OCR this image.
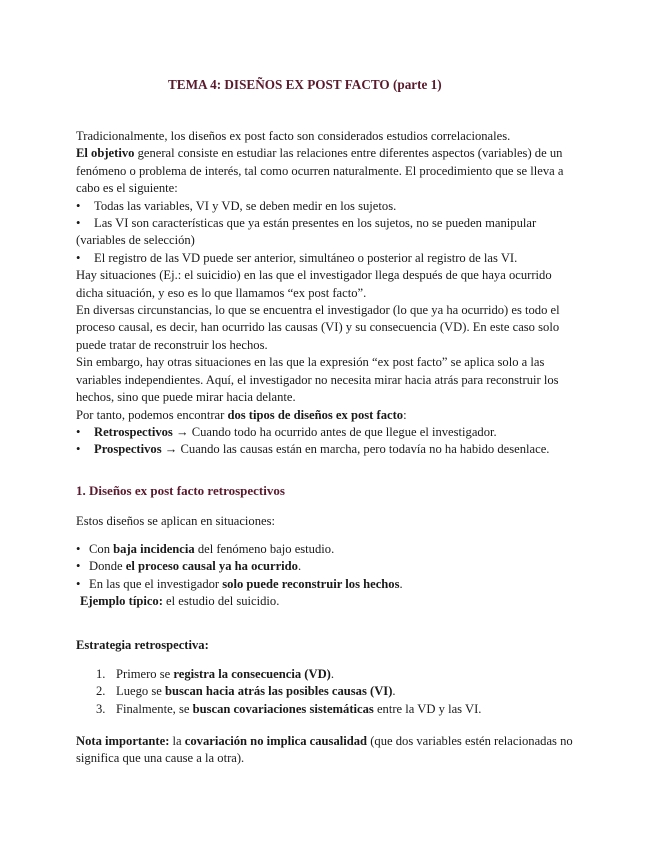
TEMA 4: DISEÑOS EX POST FACTO (parte 1)

Tradicionalmente, los diseños ex post facto son considerados estudios correlacionales.

El objetivo general consiste en estudiar las relaciones entre diferentes aspectos (variables) de un fenómeno o problema de interés, tal como ocurren naturalmente. El procedimiento que se lleva a cabo es el siguiente:

• Todas las variables, VI y VD, se deben medir en los sujetos.

• Las VI son características que ya están presentes en los sujetos, no se pueden manipular (variables de selección)

• El registro de las VD puede ser anterior, simultáneo o posterior al registro de las VI.

Hay situaciones (Ej.: el suicidio) en las que el investigador llega después de que haya ocurrido dicha situación, y eso es lo que llamamos “ex post facto”.

En diversas circunstancias, lo que se encuentra el investigador (lo que ya ha ocurrido) es todo el proceso causal, es decir, han ocurrido las causas (VI) y su consecuencia (VD). En este caso solo puede tratar de reconstruir los hechos.

Sin embargo, hay otras situaciones en las que la expresión “ex post facto” se aplica solo a las variables independientes. Aquí, el investigador no necesita mirar hacia atrás para reconstruir los hechos, sino que puede mirar hacia delante.

Por tanto, podemos encontrar dos tipos de diseños ex post facto:

• Retrospectivos → Cuando todo ha ocurrido antes de que llegue el investigador.

• Prospectivos → Cuando las causas están en marcha, pero todavía no ha habido desenlace.

1. Diseños ex post facto retrospectivos
Estos diseños se aplican en situaciones:

• Con baja incidencia del fenómeno bajo estudio.

• Donde el proceso causal ya ha ocurrido.

• En las que el investigador solo puede reconstruir los hechos.

Ejemplo típico: el estudio del suicidio.

Estrategia retrospectiva:

1. Primero se registra la consecuencia (VD).

2. Luego se buscan hacia atrás las posibles causas (VI).

3. Finalmente, se buscan covariaciones sistemáticas entre la VD y las VI.

Nota importante: la covariación no implica causalidad (que dos variables estén relacionadas no significa que una cause a la otra).
